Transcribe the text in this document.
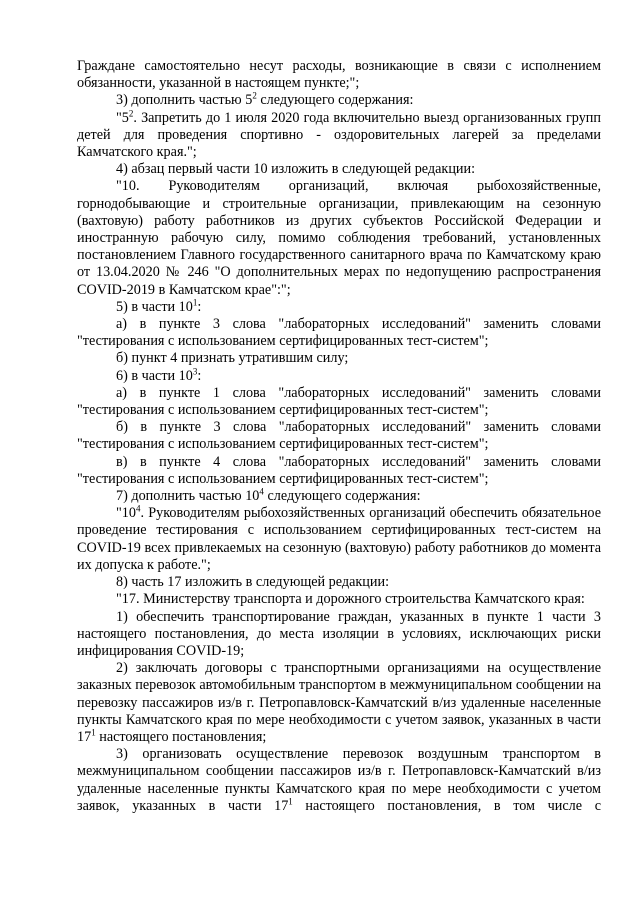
Граждане самостоятельно несут расходы, возникающие в связи с исполнением обязанности, указанной в настоящем пункте;";

3) дополнить частью $5^2$ следующего содержания:

"$5^2$. Запретить до 1 июля 2020 года включительно выезд организованных групп детей для проведения спортивно - оздоровительных лагерей за пределами Камчатского края.";

4) абзац первый части 10 изложить в следующей редакции:

"10. Руководителям организаций, включая рыбохозяйственные, горнодобывающие и строительные организации, привлекающим на сезонную (вахтовую) работу работников из других субъектов Российской Федерации и иностранную рабочую силу, помимо соблюдения требований, установленных постановлением Главного государственного санитарного врача по Камчатскому краю от 13.04.2020 № 246 "О дополнительных мерах по недопущению распространения COVID-2019 в Камчатском крае":";

5) в части $10^1$:

а) в пункте 3 слова "лабораторных исследований" заменить словами "тестирования с использованием сертифицированных тест-систем";

б) пункт 4 признать утратившим силу;

6) в части $10^3$:

а) в пункте 1 слова "лабораторных исследований" заменить словами "тестирования с использованием сертифицированных тест-систем";

б) в пункте 3 слова "лабораторных исследований" заменить словами "тестирования с использованием сертифицированных тест-систем";

в) в пункте 4 слова "лабораторных исследований" заменить словами "тестирования с использованием сертифицированных тест-систем";

7) дополнить частью $10^4$ следующего содержания:

"$10^4$. Руководителям рыбохозяйственных организаций обеспечить обязательное проведение тестирования с использованием сертифицированных тест-систем на COVID-19 всех привлекаемых на сезонную (вахтовую) работу работников до момента их допуска к работе.";

8) часть 17 изложить в следующей редакции:

"17. Министерству транспорта и дорожного строительства Камчатского края:

1) обеспечить транспортирование граждан, указанных в пункте 1 части 3 настоящего постановления, до места изоляции в условиях, исключающих риски инфицирования COVID-19;

2) заключать договоры с транспортными организациями на осуществление заказных перевозок автомобильным транспортом в межмуниципальном сообщении на перевозку пассажиров из/в г. Петропавловск-Камчатский в/из удаленные населенные пункты Камчатского края по мере необходимости с учетом заявок, указанных в части $17^1$ настоящего постановления;

3) организовать осуществление перевозок воздушным транспортом в межмуниципальном сообщении пассажиров из/в г. Петропавловск-Камчатский в/из удаленные населенные пункты Камчатского края по мере необходимости с учетом заявок, указанных в части $17^1$ настоящего постановления, в том числе с
